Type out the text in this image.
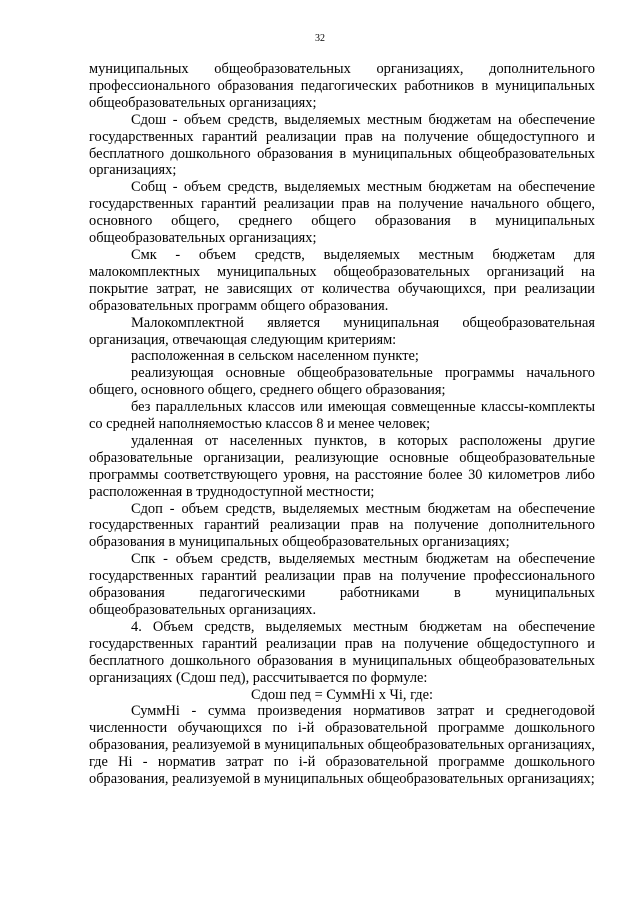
32

муниципальных общеобразовательных организациях, дополнительного профессионального образования педагогических работников в муниципальных общеобразовательных организациях;

Сдош - объем средств, выделяемых местным бюджетам на обеспечение государственных гарантий реализации прав на получение общедоступного и бесплатного дошкольного образования в муниципальных общеобразовательных организациях;

Собщ - объем средств, выделяемых местным бюджетам на обеспечение государственных гарантий реализации прав на получение начального общего, основного общего, среднего общего образования в муниципальных общеобразовательных организациях;

Смк - объем средств, выделяемых местным бюджетам для малокомплектных муниципальных общеобразовательных организаций на покрытие затрат, не зависящих от количества обучающихся, при реализации образовательных программ общего образования.

Малокомплектной является муниципальная общеобразовательная организация, отвечающая следующим критериям:

расположенная в сельском населенном пункте;

реализующая основные общеобразовательные программы начального общего, основного общего, среднего общего образования;

без параллельных классов или имеющая совмещенные классы-комплекты со средней наполняемостью классов 8 и менее человек;

удаленная от населенных пунктов, в которых расположены другие образовательные организации, реализующие основные общеобразовательные программы соответствующего уровня, на расстояние более 30 километров либо расположенная в труднодоступной местности;

Сдоп - объем средств, выделяемых местным бюджетам на обеспечение государственных гарантий реализации прав на получение дополнительного образования в муниципальных общеобразовательных организациях;

Спк - объем средств, выделяемых местным бюджетам на обеспечение государственных гарантий реализации прав на получение профессионального образования педагогическими работниками в муниципальных общеобразовательных организациях.

4. Объем средств, выделяемых местным бюджетам на обеспечение государственных гарантий реализации прав на получение общедоступного и бесплатного дошкольного образования в муниципальных общеобразовательных организациях (Сдош пед), рассчитывается по формуле:

Сдош пед = СуммНi х Чi, где:

СуммНi - сумма произведения нормативов затрат и среднегодовой численности обучающихся по i-й образовательной программе дошкольного образования, реализуемой в муниципальных общеобразовательных организациях, где Нi - норматив затрат по i-й образовательной программе дошкольного образования, реализуемой в муниципальных общеобразовательных организациях;
